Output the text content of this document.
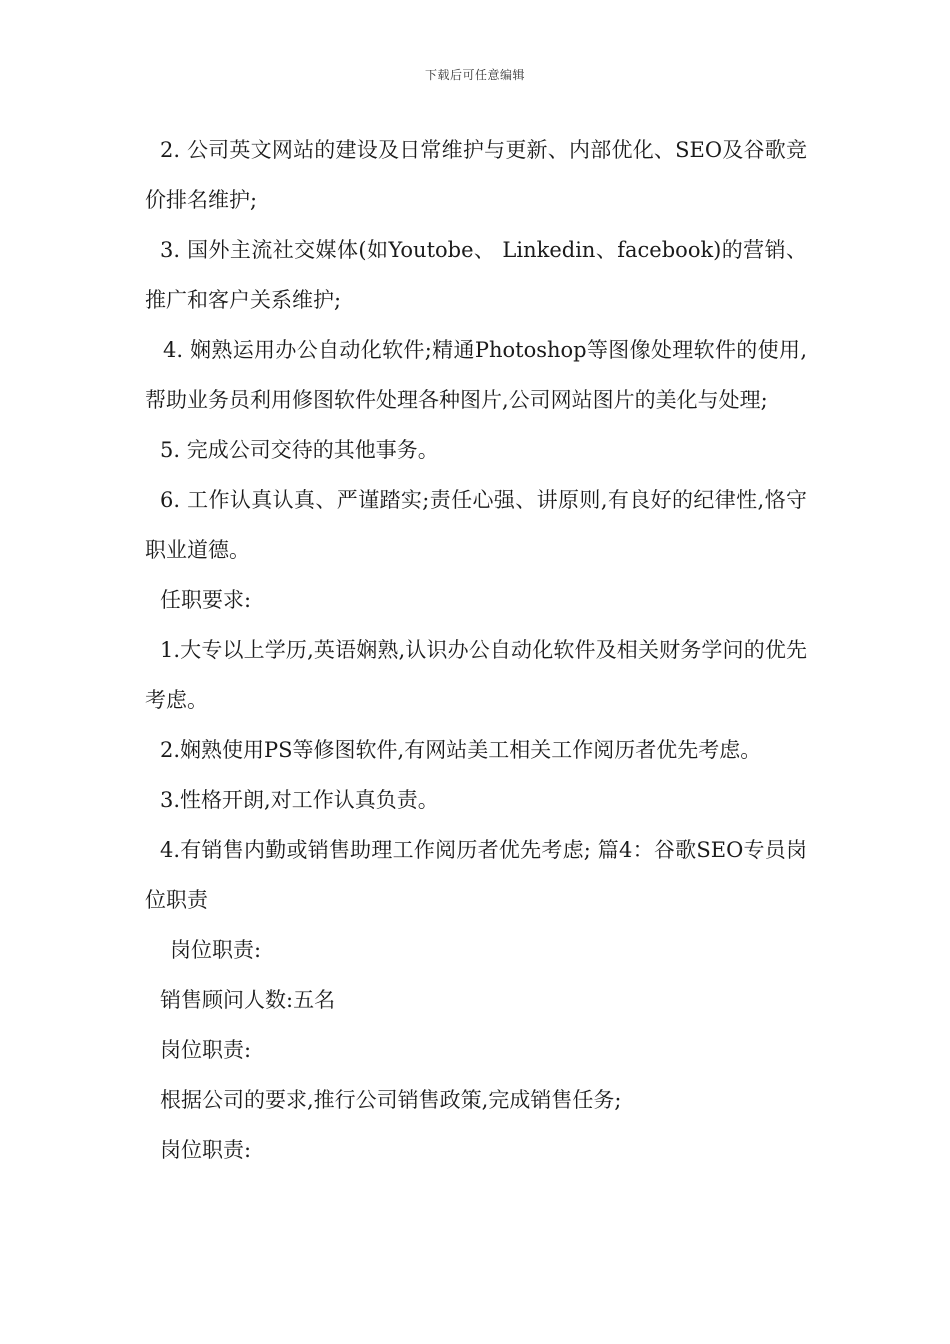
下载后可任意编辑

2. 公司英文网站的建设及日常维护与更新、内部优化、SEO及谷歌竞价排名维护;

3. 国外主流社交媒体(如Youtobe、 Linkedin、facebook)的营销、推广和客户关系维护;

4. 娴熟运用办公自动化软件;精通Photoshop等图像处理软件的使用,帮助业务员利用修图软件处理各种图片,公司网站图片的美化与处理;

5. 完成公司交待的其他事务。

6. 工作认真认真、严谨踏实;责任心强、讲原则,有良好的纪律性,恪守职业道德。

任职要求:

1.大专以上学历,英语娴熟,认识办公自动化软件及相关财务学问的优先考虑。

2.娴熟使用PS等修图软件,有网站美工相关工作阅历者优先考虑。

3.性格开朗,对工作认真负责。

4.有销售内勤或销售助理工作阅历者优先考虑; 篇4：谷歌SEO专员岗位职责

岗位职责:

销售顾问人数:五名

岗位职责:

根据公司的要求,推行公司销售政策,完成销售任务;

岗位职责:
